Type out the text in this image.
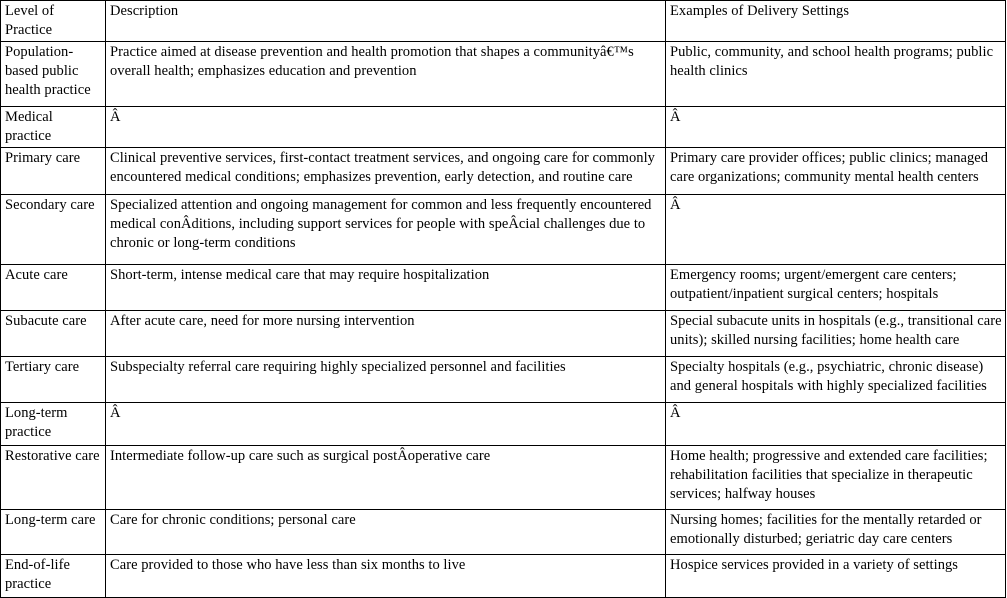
Level of Practice	Description	Examples of Delivery Settings

Population-based public health practice	Practice aimed at disease prevention and health promotion that shapes a communityâ€™s overall health; emphasizes education and prevention	Public, community, and school health programs; public health clinics

Medical practice	Â	Â

Primary care	Clinical preventive services, first-contact treatment services, and ongoing care for commonly encountered medical conditions; emphasizes prevention, early detection, and routine care	Primary care provider offices; public clinics; managed care organizations; community mental health centers

Secondary care	Specialized attention and ongoing management for common and less frequently encountered medical conÂditions, including support services for people with speÂcial challenges due to chronic or long-term conditions	Â

Acute care	Short-term, intense medical care that may require hospitalization	Emergency rooms; urgent/emergent care centers; outpatient/inpatient surgical centers; hospitals

Subacute care	After acute care, need for more nursing intervention	Special subacute units in hospitals (e.g., transitional care units); skilled nursing facilities; home health care

Tertiary care	Subspecialty referral care requiring highly specialized personnel and facilities	Specialty hospitals (e.g., psychiatric, chronic disease) and general hospitals with highly specialized facilities

Long-term practice	Â	Â

Restorative care	Intermediate follow-up care such as surgical postÂoperative care	Home health; progressive and extended care facilities; rehabilitation facilities that specialize in therapeutic services; halfway houses

Long-term care	Care for chronic conditions; personal care	Nursing homes; facilities for the mentally retarded or emotionally disturbed; geriatric day care centers

End-of-life practice	Care provided to those who have less than six months to live	Hospice services provided in a variety of settings
